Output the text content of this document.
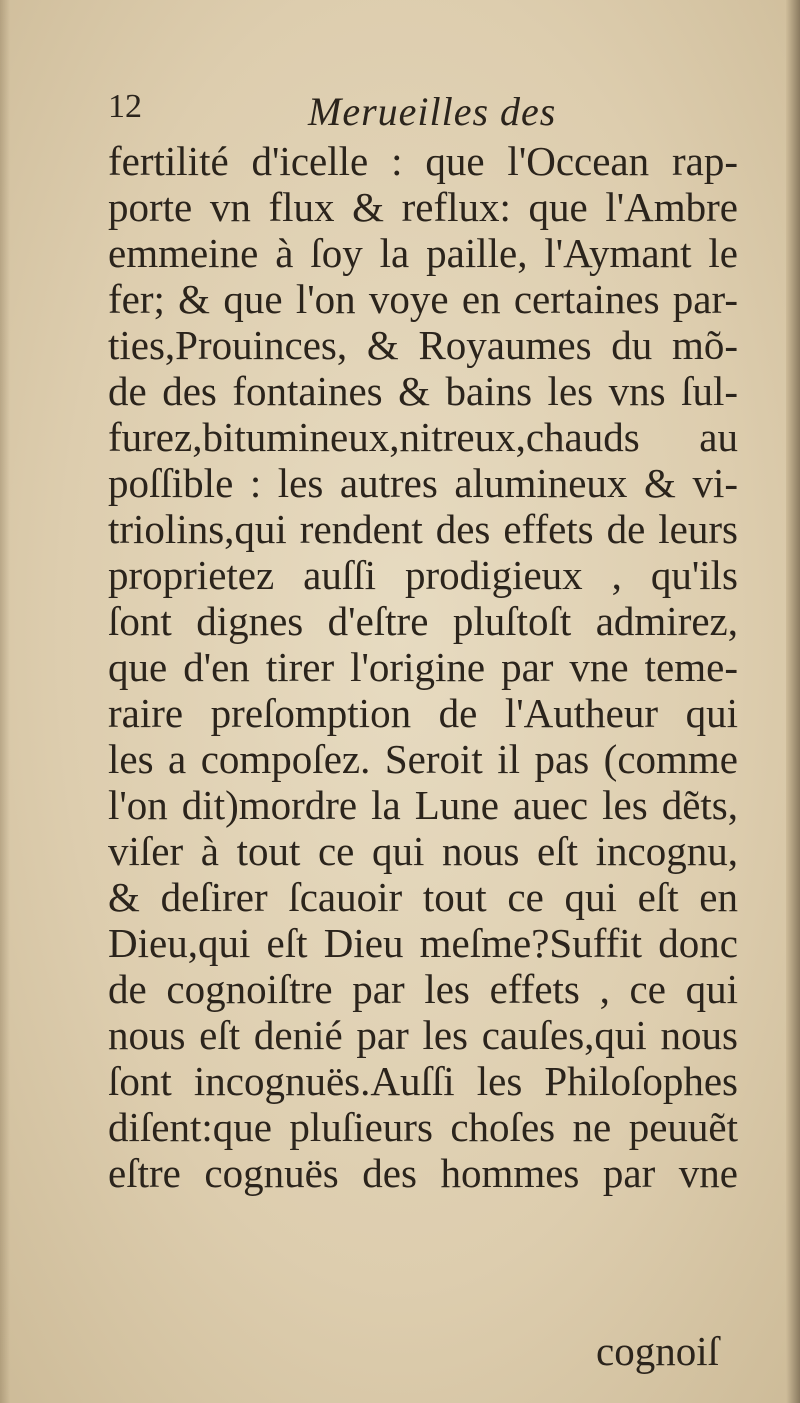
12	Merueilles des
fertilité d'icelle : que l'Occean rap-
porte vn flux & reflux: que l'Ambre
emmeine à ſoy la paille, l'Aymant le
fer; & que l'on voye en certaines par-
ties,Prouinces, & Royaumes du mõ-
de des fontaines & bains les vns ſul-
furez,bitumineux,nitreux,chauds au
poſſible : les autres alumineux & vi-
triolins,qui rendent des effets de leurs
proprietez auſſi prodigieux , qu'ils
ſont dignes d'eſtre pluſtoſt admirez,
que d'en tirer l'origine par vne teme-
raire preſomption de l'Autheur qui
les a compoſez. Seroit il pas (comme
l'on dit)mordre la Lune auec les dẽts,
viſer à tout ce qui nous eſt incognu,
& deſirer ſcauoir tout ce qui eſt en
Dieu,qui eſt Dieu meſme?Suffit donc
de cognoiſtre par les effets , ce qui
nous eſt denié par les cauſes,qui nous
ſont incognuës.Auſſi les Philoſophes
diſent:que pluſieurs choſes ne peuuẽt
eſtre cognuës des hommes par vne
cognoiſ
